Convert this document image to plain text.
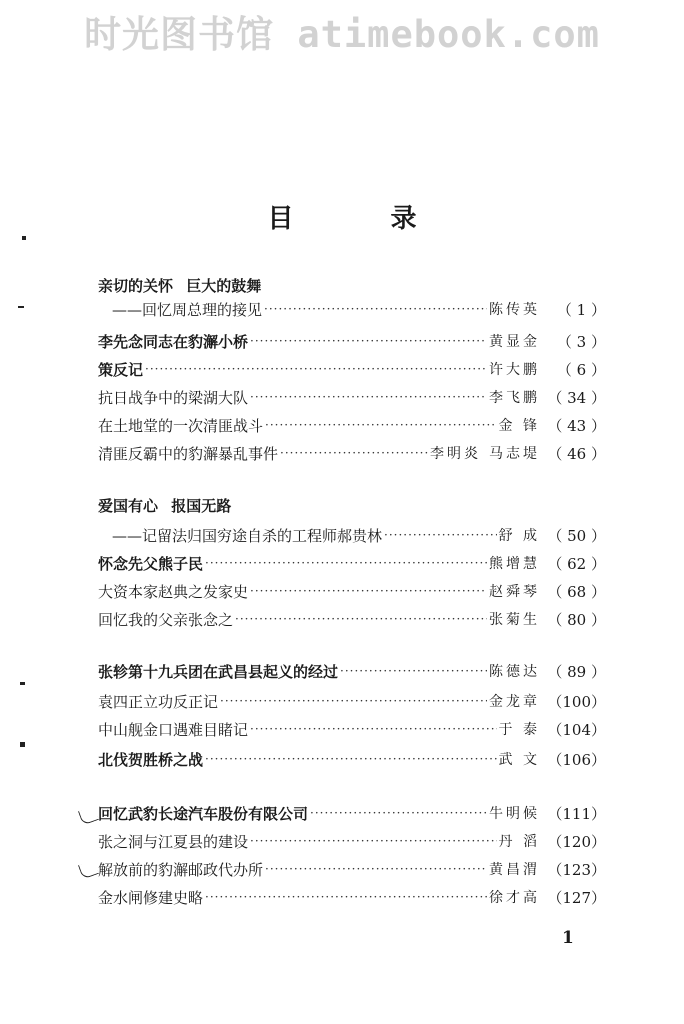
时光图书馆 atimebook.com
目 录
亲切的关怀 巨大的鼓舞
——回忆周总理的接见 ·····	陈传英	（ 1 ）
李先念同志在豹澥小桥 ·····	黄显金	（ 3 ）
策反记 ·····	许大鹏	（ 6 ）
抗日战争中的梁湖大队 ·····	李飞鹏 （ 34 ）
在土地堂的一次清匪战斗 ·····	金 锋 （ 43 ）
清匪反霸中的豹澥暴乱事件 ·····	李明炎 马志堤 （ 46 ）
爱国有心 报国无路
——记留法归国穷途自杀的工程师郝贵林 ·····	舒 成 （ 50 ）
怀念先父熊子民 ·····	熊增慧 （ 62 ）
大资本家赵典之发家史 ·····	赵舜琴 （ 68 ）
回忆我的父亲张念之 ·····	张菊生 （ 80 ）
张轸第十九兵团在武昌县起义的经过 ·····	陈德达 （ 89 ）
袁四正立功反正记 ·····	金龙章 （100）
中山舰金口遇难目睹记 ·····	于 泰 （104）
北伐贺胜桥之战 ·····	武 文 （106）
回忆武豹长途汽车股份有限公司 ·····	牛明候 （111）
张之洞与江夏县的建设 ·····	丹 滔 （120）
解放前的豹澥邮政代办所 ·····	黄昌渭 （123）
金水闸修建史略 ·····	徐才高 （127）
1
